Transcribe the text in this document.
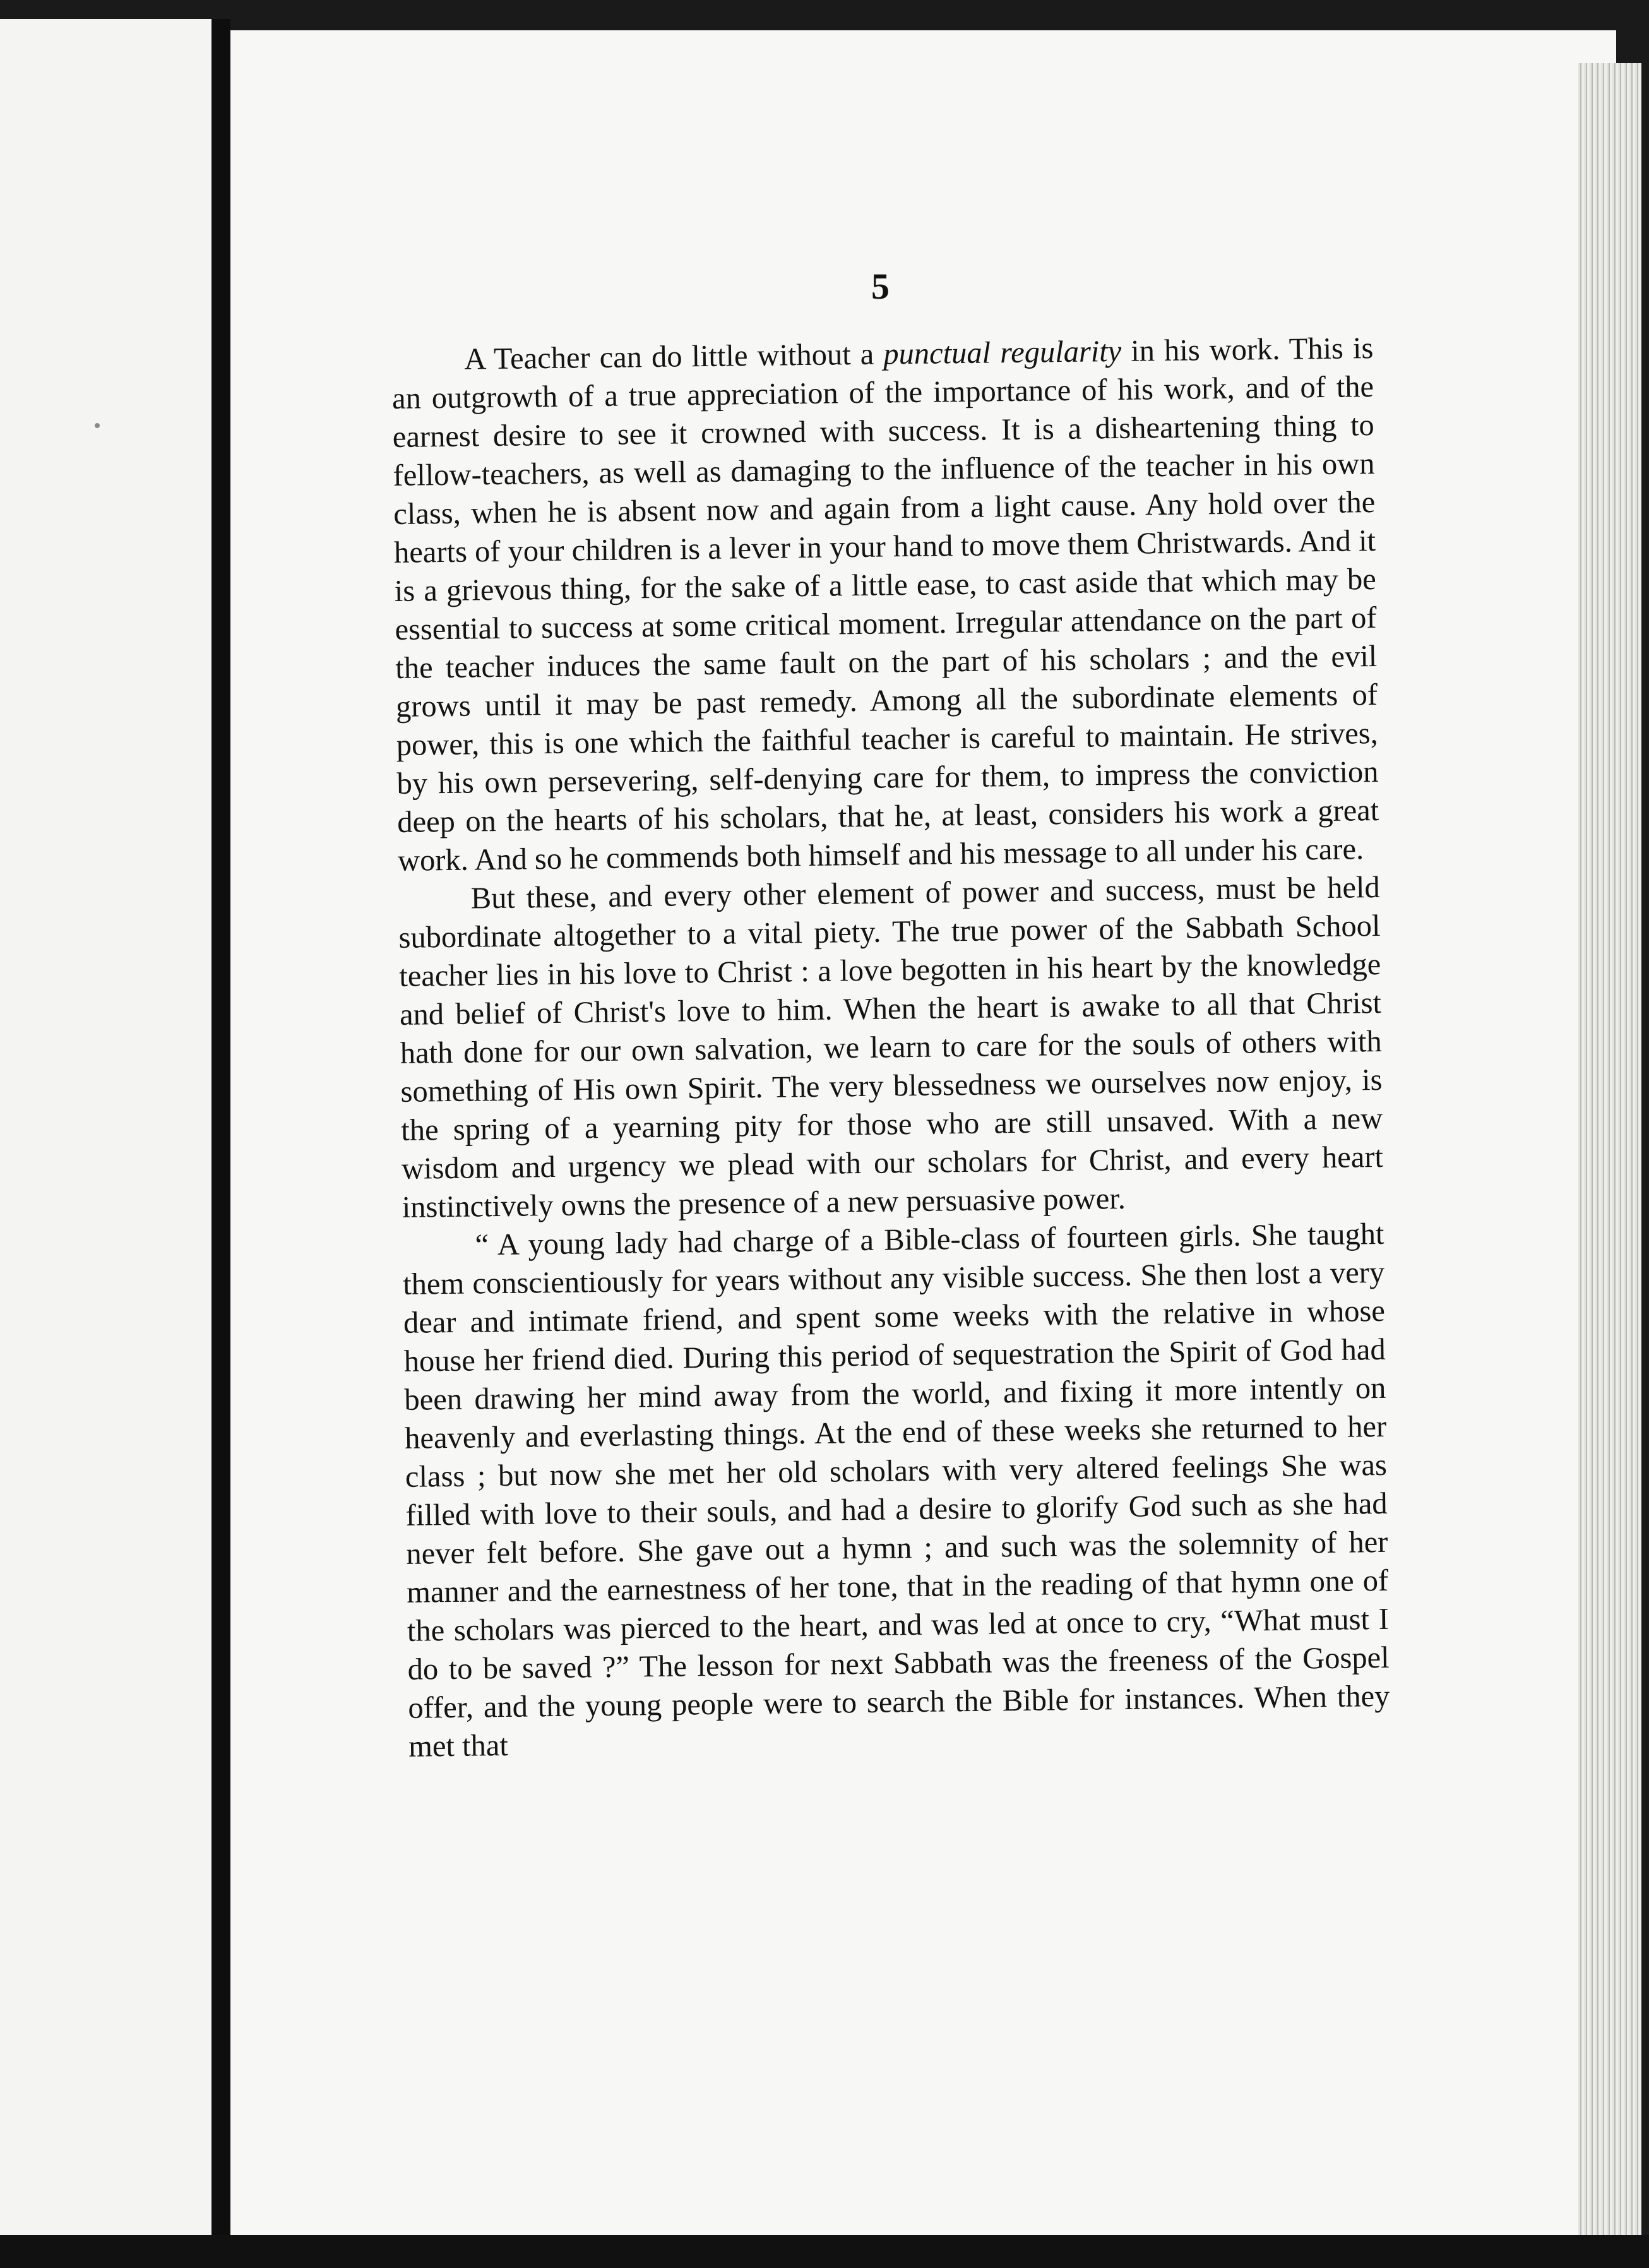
5

A Teacher can do little without a punctual regularity in his work. This is an outgrowth of a true appreciation of the importance of his work, and of the earnest desire to see it crowned with success. It is a disheartening thing to fellow-teachers, as well as damaging to the influence of the teacher in his own class, when he is absent now and again from a light cause. Any hold over the hearts of your children is a lever in your hand to move them Christwards. And it is a grievous thing, for the sake of a little ease, to cast aside that which may be essential to success at some critical moment. Irregular attendance on the part of the teacher induces the same fault on the part of his scholars ; and the evil grows until it may be past remedy. Among all the subordinate elements of power, this is one which the faithful teacher is careful to maintain. He strives, by his own persevering, self-denying care for them, to impress the conviction deep on the hearts of his scholars, that he, at least, considers his work a great work. And so he commends both himself and his message to all under his care.

But these, and every other element of power and success, must be held subordinate altogether to a vital piety. The true power of the Sabbath School teacher lies in his love to Christ : a love begotten in his heart by the knowledge and belief of Christ's love to him. When the heart is awake to all that Christ hath done for our own salvation, we learn to care for the souls of others with something of His own Spirit. The very blessedness we ourselves now enjoy, is the spring of a yearning pity for those who are still unsaved. With a new wisdom and urgency we plead with our scholars for Christ, and every heart instinctively owns the presence of a new persuasive power.

“ A young lady had charge of a Bible-class of fourteen girls. She taught them conscientiously for years without any visible success. She then lost a very dear and intimate friend, and spent some weeks with the relative in whose house her friend died. During this period of sequestration the Spirit of God had been drawing her mind away from the world, and fixing it more intently on heavenly and everlasting things. At the end of these weeks she returned to her class ; but now she met her old scholars with very altered feelings She was filled with love to their souls, and had a desire to glorify God such as she had never felt before. She gave out a hymn ; and such was the solemnity of her manner and the earnestness of her tone, that in the reading of that hymn one of the scholars was pierced to the heart, and was led at once to cry, “What must I do to be saved ?” The lesson for next Sabbath was the freeness of the Gospel offer, and the young people were to search the Bible for instances. When they met that
